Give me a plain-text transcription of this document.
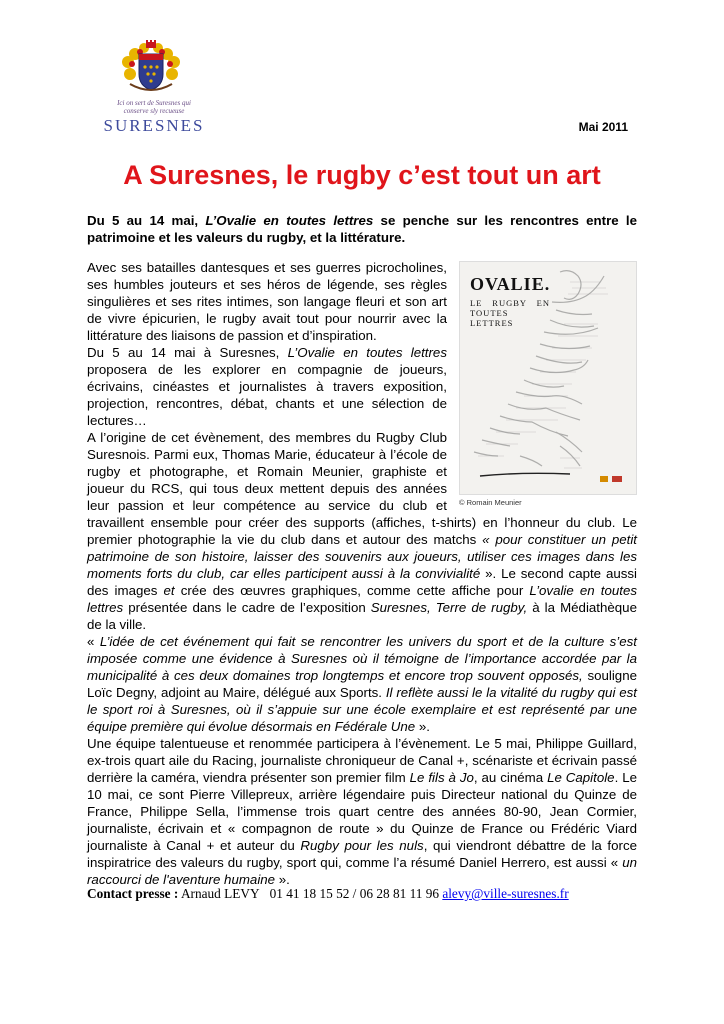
Ici on sert de Suresnes qui conserve sly recueuse
SURESNES	Mai 2011
A Suresnes, le rugby c’est tout un art

Du 5 au 14 mai, L’Ovalie en toutes lettres se penche sur les rencontres entre le patrimoine et les valeurs du rugby, et la littérature.

OVALIE.
LE RUGBY EN TOUTES LETTRES
© Romain Meunier

Avec ses batailles dantesques et ses guerres picrocholines, ses humbles jouteurs et ses héros de légende, ses règles singulières et ses rites intimes, son langage fleuri et son art de vivre épicurien, le rugby avait tout pour nourrir avec la littérature des liaisons de passion et d’inspiration.

Du 5 au 14 mai à Suresnes, L’Ovalie en toutes lettres proposera de les explorer en compagnie de joueurs, écrivains, cinéastes et journalistes à travers exposition, projection, rencontres, débat, chants et une sélection de lectures…

A l’origine de cet évènement, des membres du Rugby Club Suresnois. Parmi eux, Thomas Marie, éducateur à l’école de rugby et photographe, et Romain Meunier, graphiste et joueur du RCS, qui tous deux mettent depuis des années leur passion et leur compétence au service du club et travaillent ensemble pour créer des supports (affiches, t-shirts) en l’honneur du club. Le premier photographie la vie du club dans et autour des matchs « pour constituer un petit patrimoine de son histoire, laisser des souvenirs aux joueurs, utiliser ces images dans les moments forts du club, car elles participent aussi à la convivialité ». Le second capte aussi des images et crée des œuvres graphiques, comme cette affiche pour L’ovalie en toutes lettres présentée dans le cadre de l’exposition Suresnes, Terre de rugby, à la Médiathèque de la ville.

« L’idée de cet événement qui fait se rencontrer les univers du sport et de la culture s’est imposée comme une évidence à Suresnes où il témoigne de l’importance accordée par la municipalité à ces deux domaines trop longtemps et encore trop souvent opposés, souligne Loïc Degny, adjoint au Maire, délégué aux Sports. Il reflète aussi le la vitalité du rugby qui est le sport roi à Suresnes, où il s’appuie sur une école exemplaire et est représenté par une équipe première qui évolue désormais en Fédérale Une ».

Une équipe talentueuse et renommée participera à l’évènement. Le 5 mai, Philippe Guillard, ex-trois quart aile du Racing, journaliste chroniqueur de Canal +, scénariste et écrivain passé derrière la caméra, viendra présenter son premier film Le fils à Jo, au cinéma Le Capitole. Le 10 mai, ce sont Pierre Villepreux, arrière légendaire puis Directeur national du Quinze de France, Philippe Sella, l’immense trois quart centre des années 80-90, Jean Cormier, journaliste, écrivain et « compagnon de route » du Quinze de France ou Frédéric Viard journaliste à Canal + et auteur du Rugby pour les nuls, qui viendront débattre de la force inspiratrice des valeurs du rugby, sport qui, comme l’a résumé Daniel Herrero, est aussi « un raccourci de l'aventure humaine ».

Contact presse : Arnaud LEVY 01 41 18 15 52 / 06 28 81 11 96 alevy@ville-suresnes.fr
